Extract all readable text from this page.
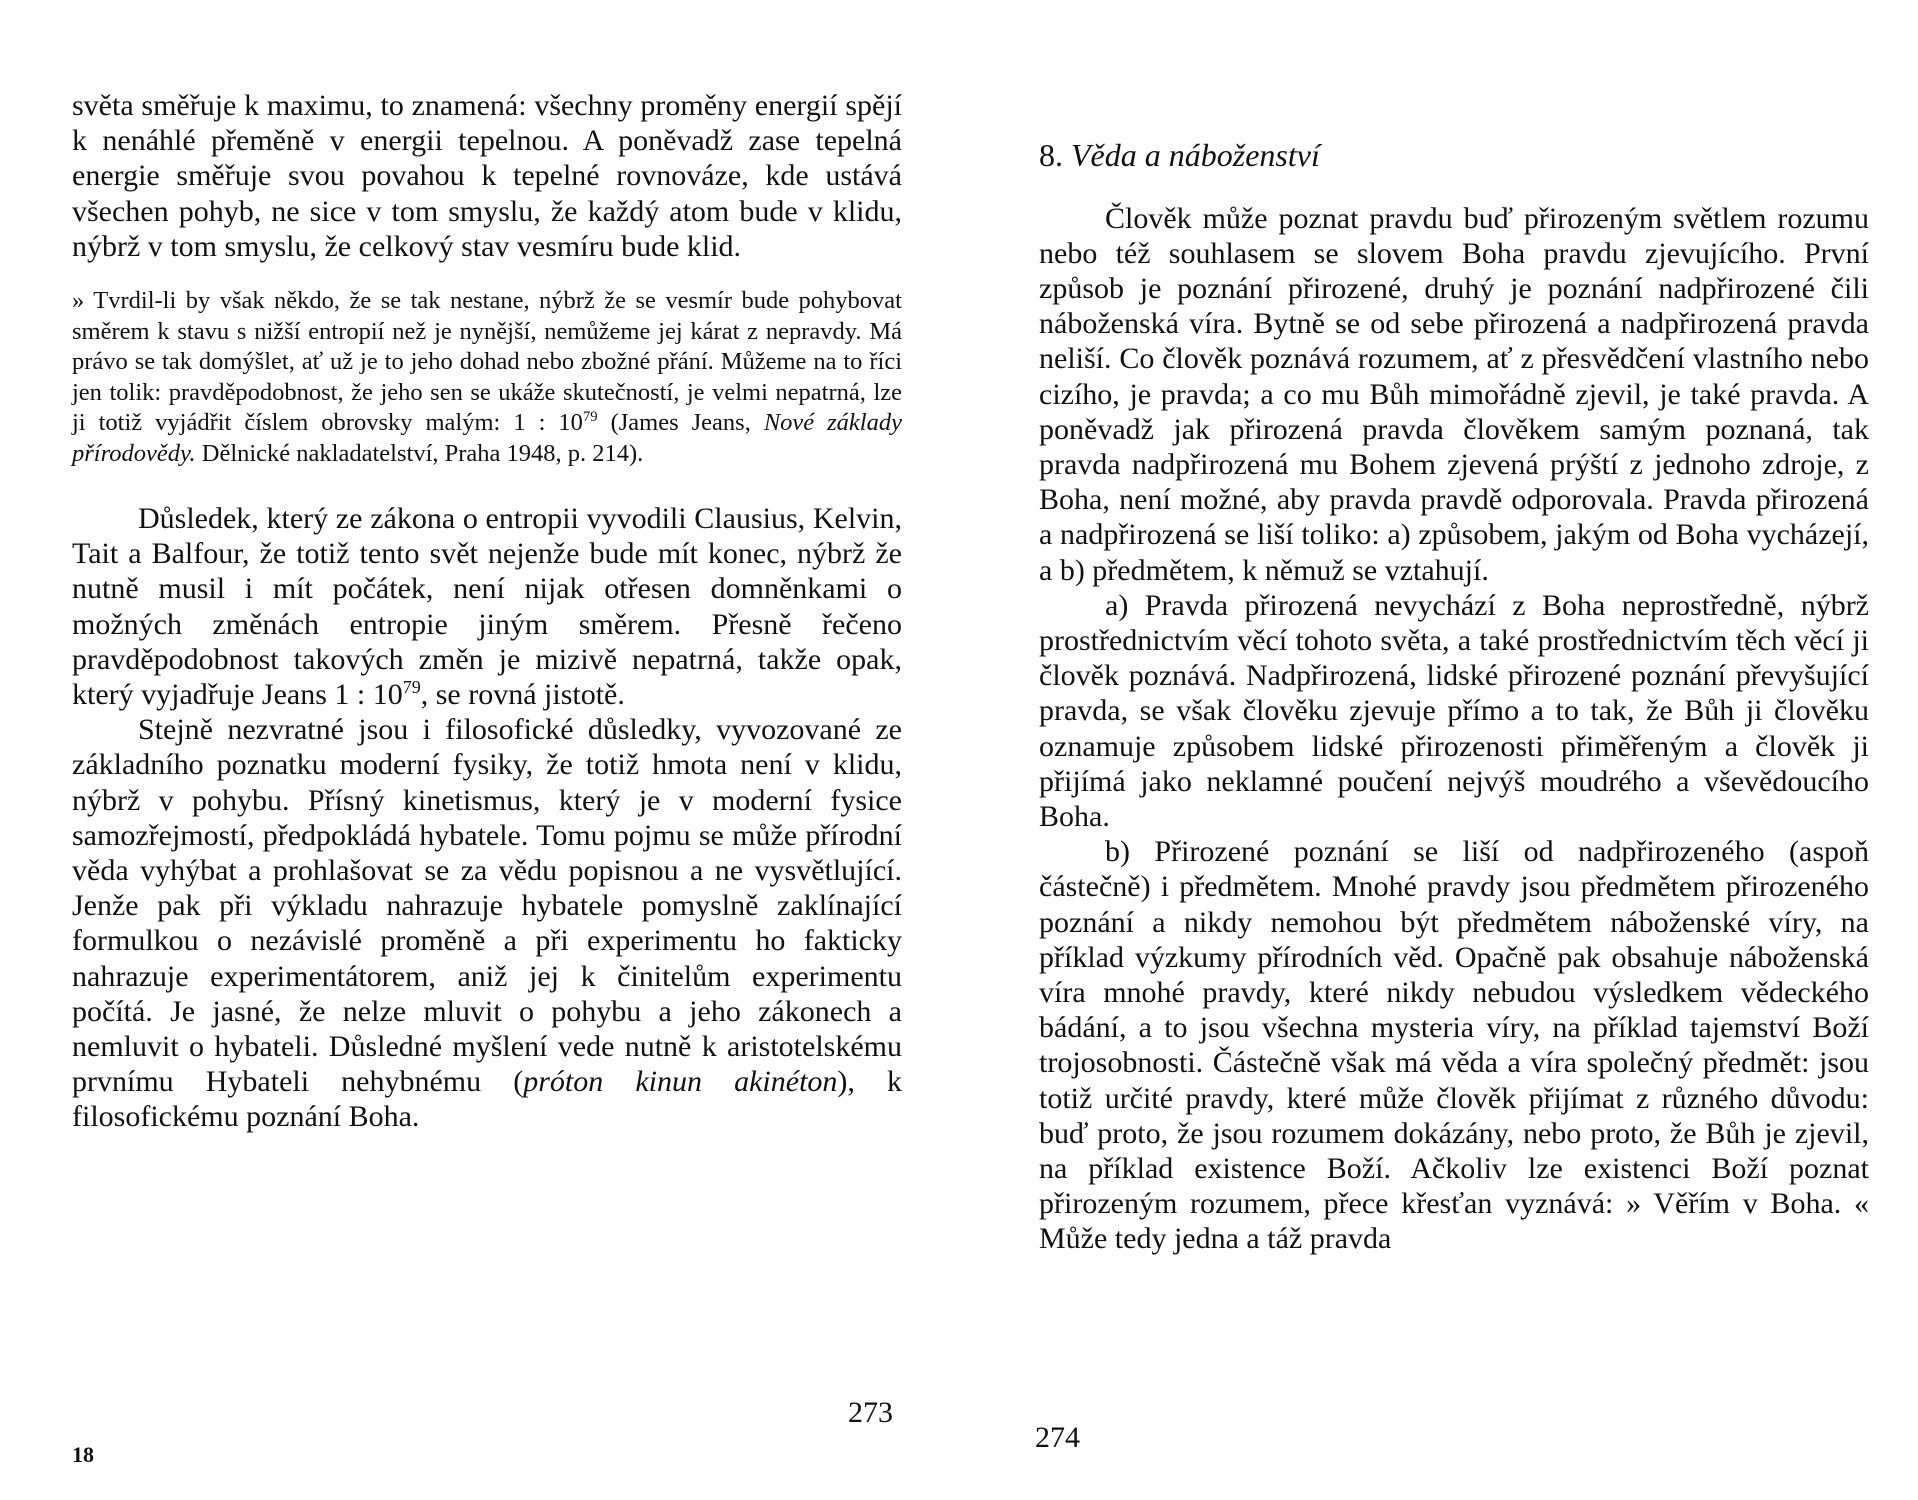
světa směřuje k maximu, to znamená: všechny proměny energií spějí k nenáhlé přeměně v energii tepelnou. A poněvadž zase tepelná energie směřuje svou povahou k tepelné rovnováze, kde ustává všechen pohyb, ne sice v tom smyslu, že každý atom bude v klidu, nýbrž v tom smyslu, že celkový stav vesmíru bude klid.

» Tvrdil-li by však někdo, že se tak nestane, nýbrž že se vesmír bude pohybovat směrem k stavu s nižší entropií než je nynější, nemůžeme jej kárat z nepravdy. Má právo se tak domýšlet, ať už je to jeho dohad nebo zbožné přání. Můžeme na to říci jen tolik: pravděpodobnost, že jeho sen se ukáže skutečností, je velmi nepatrná, lze ji totiž vyjádřit číslem obrovsky malým: 1 : $10^{79}$ (James Jeans, Nové základy přírodovědy. Dělnické nakladatelství, Praha 1948, p. 214).

Důsledek, který ze zákona o entropii vyvodili Clausius, Kelvin, Tait a Balfour, že totiž tento svět nejenže bude mít konec, nýbrž že nutně musil i mít počátek, není nijak otřesen domněnkami o možných změnách entropie jiným směrem. Přesně řečeno pravděpodobnost takových změn je mizivě nepatrná, takže opak, který vyjadřuje Jeans 1 : $10^{79}$, se rovná jistotě.

Stejně nezvratné jsou i filosofické důsledky, vyvozované ze základního poznatku moderní fysiky, že totiž hmota není v klidu, nýbrž v pohybu. Přísný kinetismus, který je v moderní fysice samozřejmostí, předpokládá hybatele. Tomu pojmu se může přírodní věda vyhýbat a prohlašovat se za vědu popisnou a ne vysvětlující. Jenže pak při výkladu nahrazuje hybatele pomyslně zaklínající formulkou o nezávislé proměně a při experimentu ho fakticky nahrazuje experimentátorem, aniž jej k činitelům experimentu počítá. Je jasné, že nelze mluvit o pohybu a jeho zákonech a nemluvit o hybateli. Důsledné myšlení vede nutně k aristotelskému prvnímu Hybateli nehybnému (próton kinun akinéton), k filosofickému poznání Boha.

273
18
8. Věda a náboženství

Člověk může poznat pravdu buď přirozeným světlem rozumu nebo též souhlasem se slovem Boha pravdu zjevujícího. První způsob je poznání přirozené, druhý je poznání nadpřirozené čili náboženská víra. Bytně se od sebe přirozená a nadpřirozená pravda neliší. Co člověk poznává rozumem, ať z přesvědčení vlastního nebo cizího, je pravda; a co mu Bůh mimořádně zjevil, je také pravda. A poněvadž jak přirozená pravda člověkem samým poznaná, tak pravda nadpřirozená mu Bohem zjevená prýští z jednoho zdroje, z Boha, není možné, aby pravda pravdě odporovala. Pravda přirozená a nadpřirozená se liší toliko: a) způsobem, jakým od Boha vycházejí, a b) předmětem, k němuž se vztahují.

a) Pravda přirozená nevychází z Boha neprostředně, nýbrž prostřednictvím věcí tohoto světa, a také prostřednictvím těch věcí ji člověk poznává. Nadpřirozená, lidské přirozené poznání převyšující pravda, se však člověku zjevuje přímo a to tak, že Bůh ji člověku oznamuje způsobem lidské přirozenosti přiměřeným a člověk ji přijímá jako neklamné poučení nejvýš moudrého a vševědoucího Boha.

b) Přirozené poznání se liší od nadpřirozeného (aspoň částečně) i předmětem. Mnohé pravdy jsou předmětem přirozeného poznání a nikdy nemohou být předmětem náboženské víry, na příklad výzkumy přírodních věd. Opačně pak obsahuje náboženská víra mnohé pravdy, které nikdy nebudou výsledkem vědeckého bádání, a to jsou všechna mysteria víry, na příklad tajemství Boží trojosobnosti. Částečně však má věda a víra společný předmět: jsou totiž určité pravdy, které může člověk přijímat z různého důvodu: buď proto, že jsou rozumem dokázány, nebo proto, že Bůh je zjevil, na příklad existence Boží. Ačkoliv lze existenci Boží poznat přirozeným rozumem, přece křesťan vyznává: » Věřím v Boha. « Může tedy jedna a táž pravda

274
